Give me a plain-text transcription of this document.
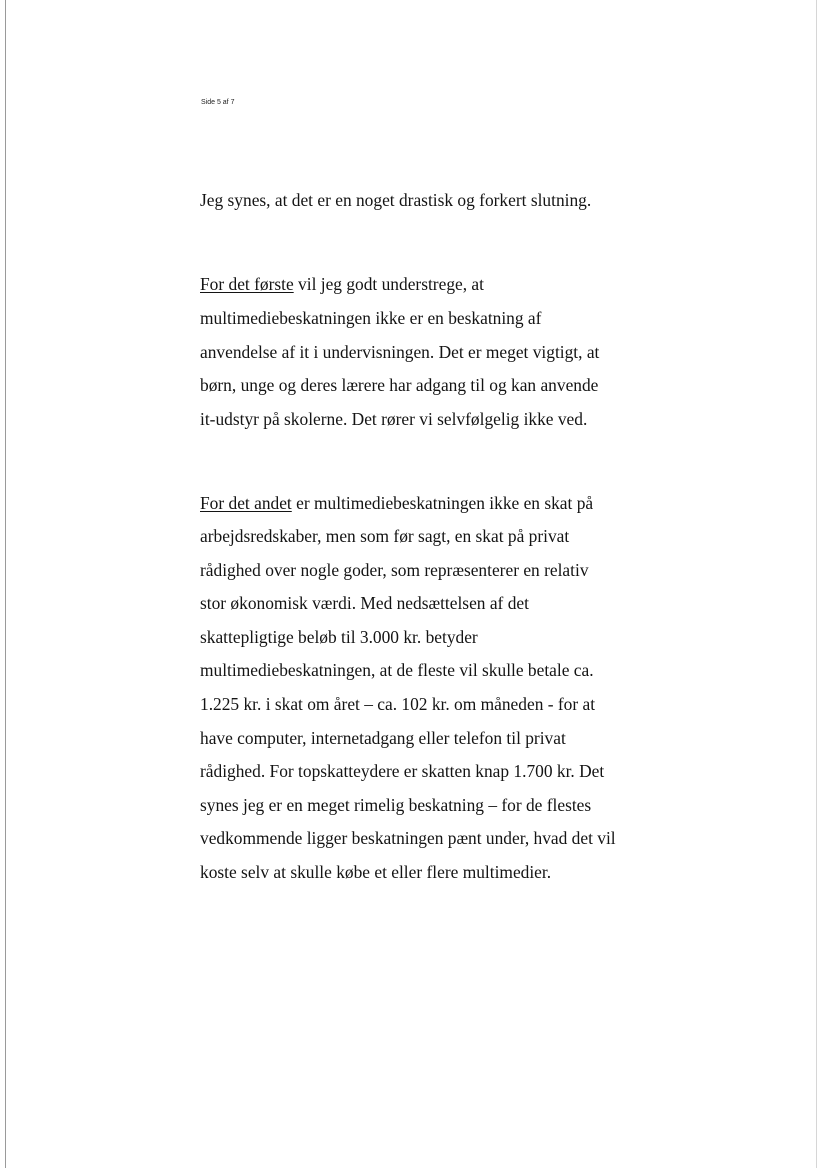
Side 5 af 7
Jeg synes, at det er en noget drastisk og forkert slutning.
For det første vil jeg godt understrege, at
multimediebeskatningen ikke er en beskatning af
anvendelse af it i undervisningen. Det er meget vigtigt, at
børn, unge og deres lærere har adgang til og kan anvende
it-udstyr på skolerne. Det rører vi selvfølgelig ikke ved.
For det andet er multimediebeskatningen ikke en skat på
arbejdsredskaber, men som før sagt, en skat på privat
rådighed over nogle goder, som repræsenterer en relativ
stor økonomisk værdi. Med nedsættelsen af det
skattepligtige beløb til 3.000 kr. betyder
multimediebeskatningen, at de fleste vil skulle betale ca.
1.225 kr. i skat om året – ca. 102 kr. om måneden - for at
have computer, internetadgang eller telefon til privat
rådighed. For topskatteydere er skatten knap 1.700 kr. Det
synes jeg er en meget rimelig beskatning – for de flestes
vedkommende ligger beskatningen pænt under, hvad det vil
koste selv at skulle købe et eller flere multimedier.
